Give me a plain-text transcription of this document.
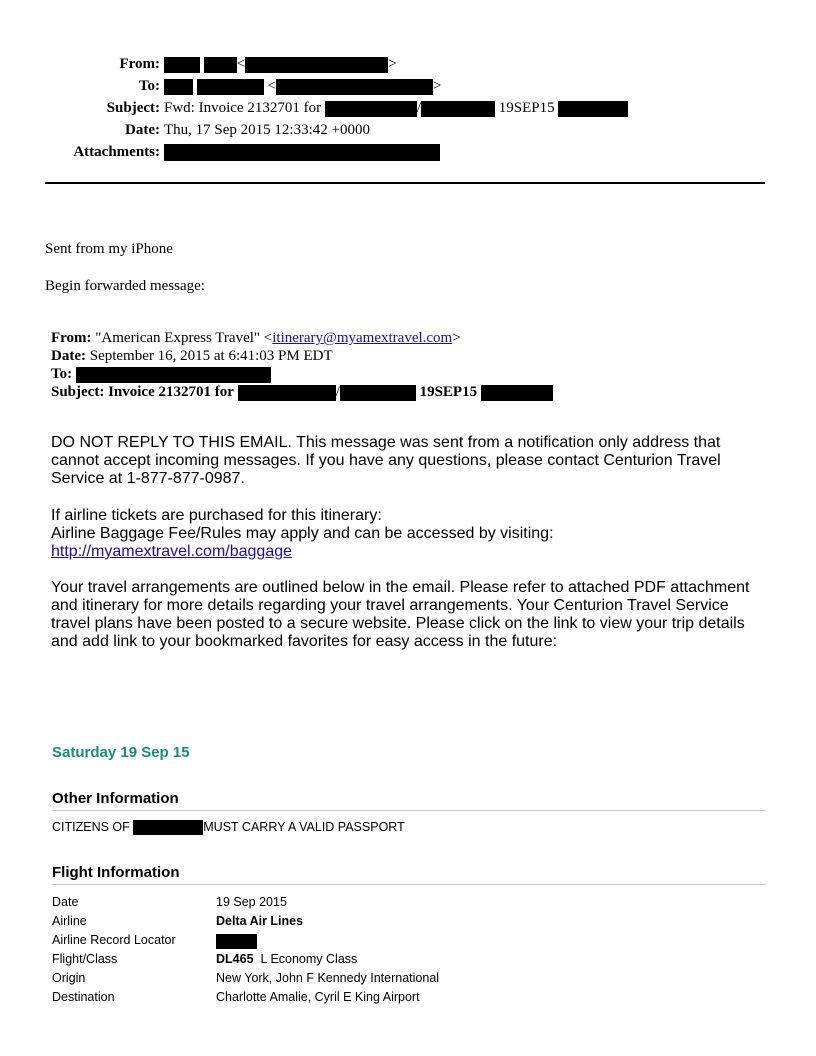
From:	<	>
To:	<	>
Subject: Fwd: Invoice 2132701 for	/	19SEP15
Date: Thu, 17 Sep 2015 12:33:42 +0000
Attachments:
Sent from my iPhone
Begin forwarded message:
From: "American Express Travel" <itinerary@myamextravel.com>
Date: September 16, 2015 at 6:41:03 PM EDT
To:
Subject: Invoice 2132701 for	/	19SEP15
DO NOT REPLY TO THIS EMAIL. This message was sent from a notification only address that cannot accept incoming messages. If you have any questions, please contact Centurion Travel Service at 1-877-877-0987.
If airline tickets are purchased for this itinerary:
Airline Baggage Fee/Rules may apply and can be accessed by visiting:
http://myamextravel.com/baggage
Your travel arrangements are outlined below in the email. Please refer to attached PDF attachment and itinerary for more details regarding your travel arrangements. Your Centurion Travel Service travel plans have been posted to a secure website. Please click on the link to view your trip details and add link to your bookmarked favorites for easy access in the future:
Saturday 19 Sep 15
Other Information
CITIZENS OF	MUST CARRY A VALID PASSPORT
Flight Information
Date	19 Sep 2015
Airline	Delta Air Lines
Airline Record Locator
Flight/Class	DL465 L Economy Class
Origin	New York, John F Kennedy International
Destination	Charlotte Amalie, Cyril E King Airport
